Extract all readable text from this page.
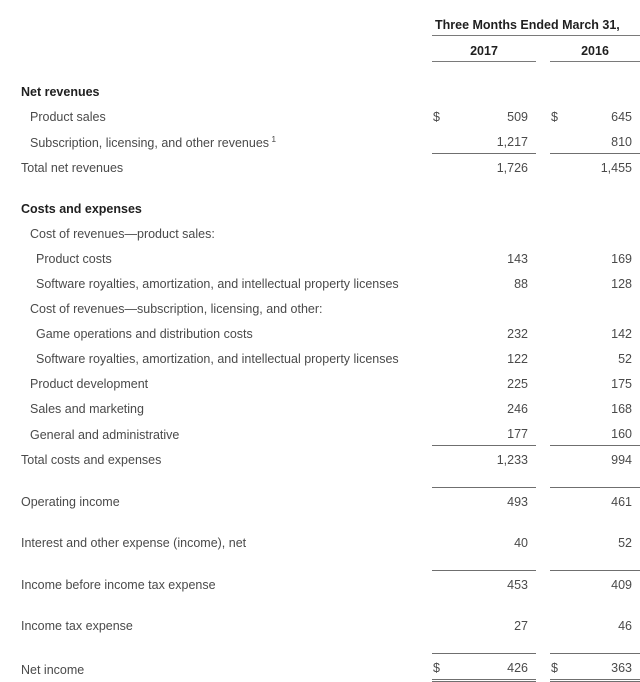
	Three Months Ended March 31,				
	2017			2016	

Net revenues					
Product sales	$	509		$	645
Subscription, licensing, and other revenues $^1$		1,217			810
Total net revenues		1,726			1,455

Costs and expenses					
Cost of revenues—product sales:					
Product costs		143			169
Software royalties, amortization, and intellectual property licenses		88			128
Cost of revenues—subscription, licensing, and other:					
Game operations and distribution costs		232			142
Software royalties, amortization, and intellectual property licenses		122			52
Product development		225			175
Sales and marketing		246			168
General and administrative		177			160
Total costs and expenses		1,233			994

Operating income		493			461

Interest and other expense (income), net		40			52

Income before income tax expense		453			409

Income tax expense		27			46

Net income	$	426		$	363
